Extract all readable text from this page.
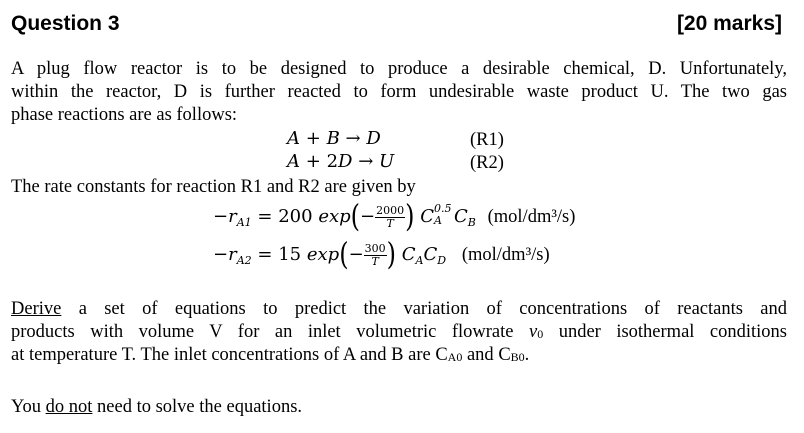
Question 3	[20 marks]
A plug flow reactor is to be designed to produce a desirable chemical, D. Unfortunately,
within the reactor, D is further reacted to form undesirable waste product U. The two gas
phase reactions are as follows:
A + B → D	(R1)
A + 2D → U	(R2)
The rate constants for reaction R1 and R2 are given by
$-r_{A1} = 200$ $\exp(- \frac{2000}{T}$ ) C 0.5
A $C_B$ (mol/dm³/s)
$-r_{A2} = 15$ $\exp(- \frac{300}{T}$ ) $C_AC_D$ (mol/dm³/s)
Derive a set of equations to predict the variation of concentrations of reactants and
products with volume V for an inlet volumetric flowrate v0 under isothermal conditions
at temperature T. The inlet concentrations of A and B are CA0 and CB0.
You do not need to solve the equations.
